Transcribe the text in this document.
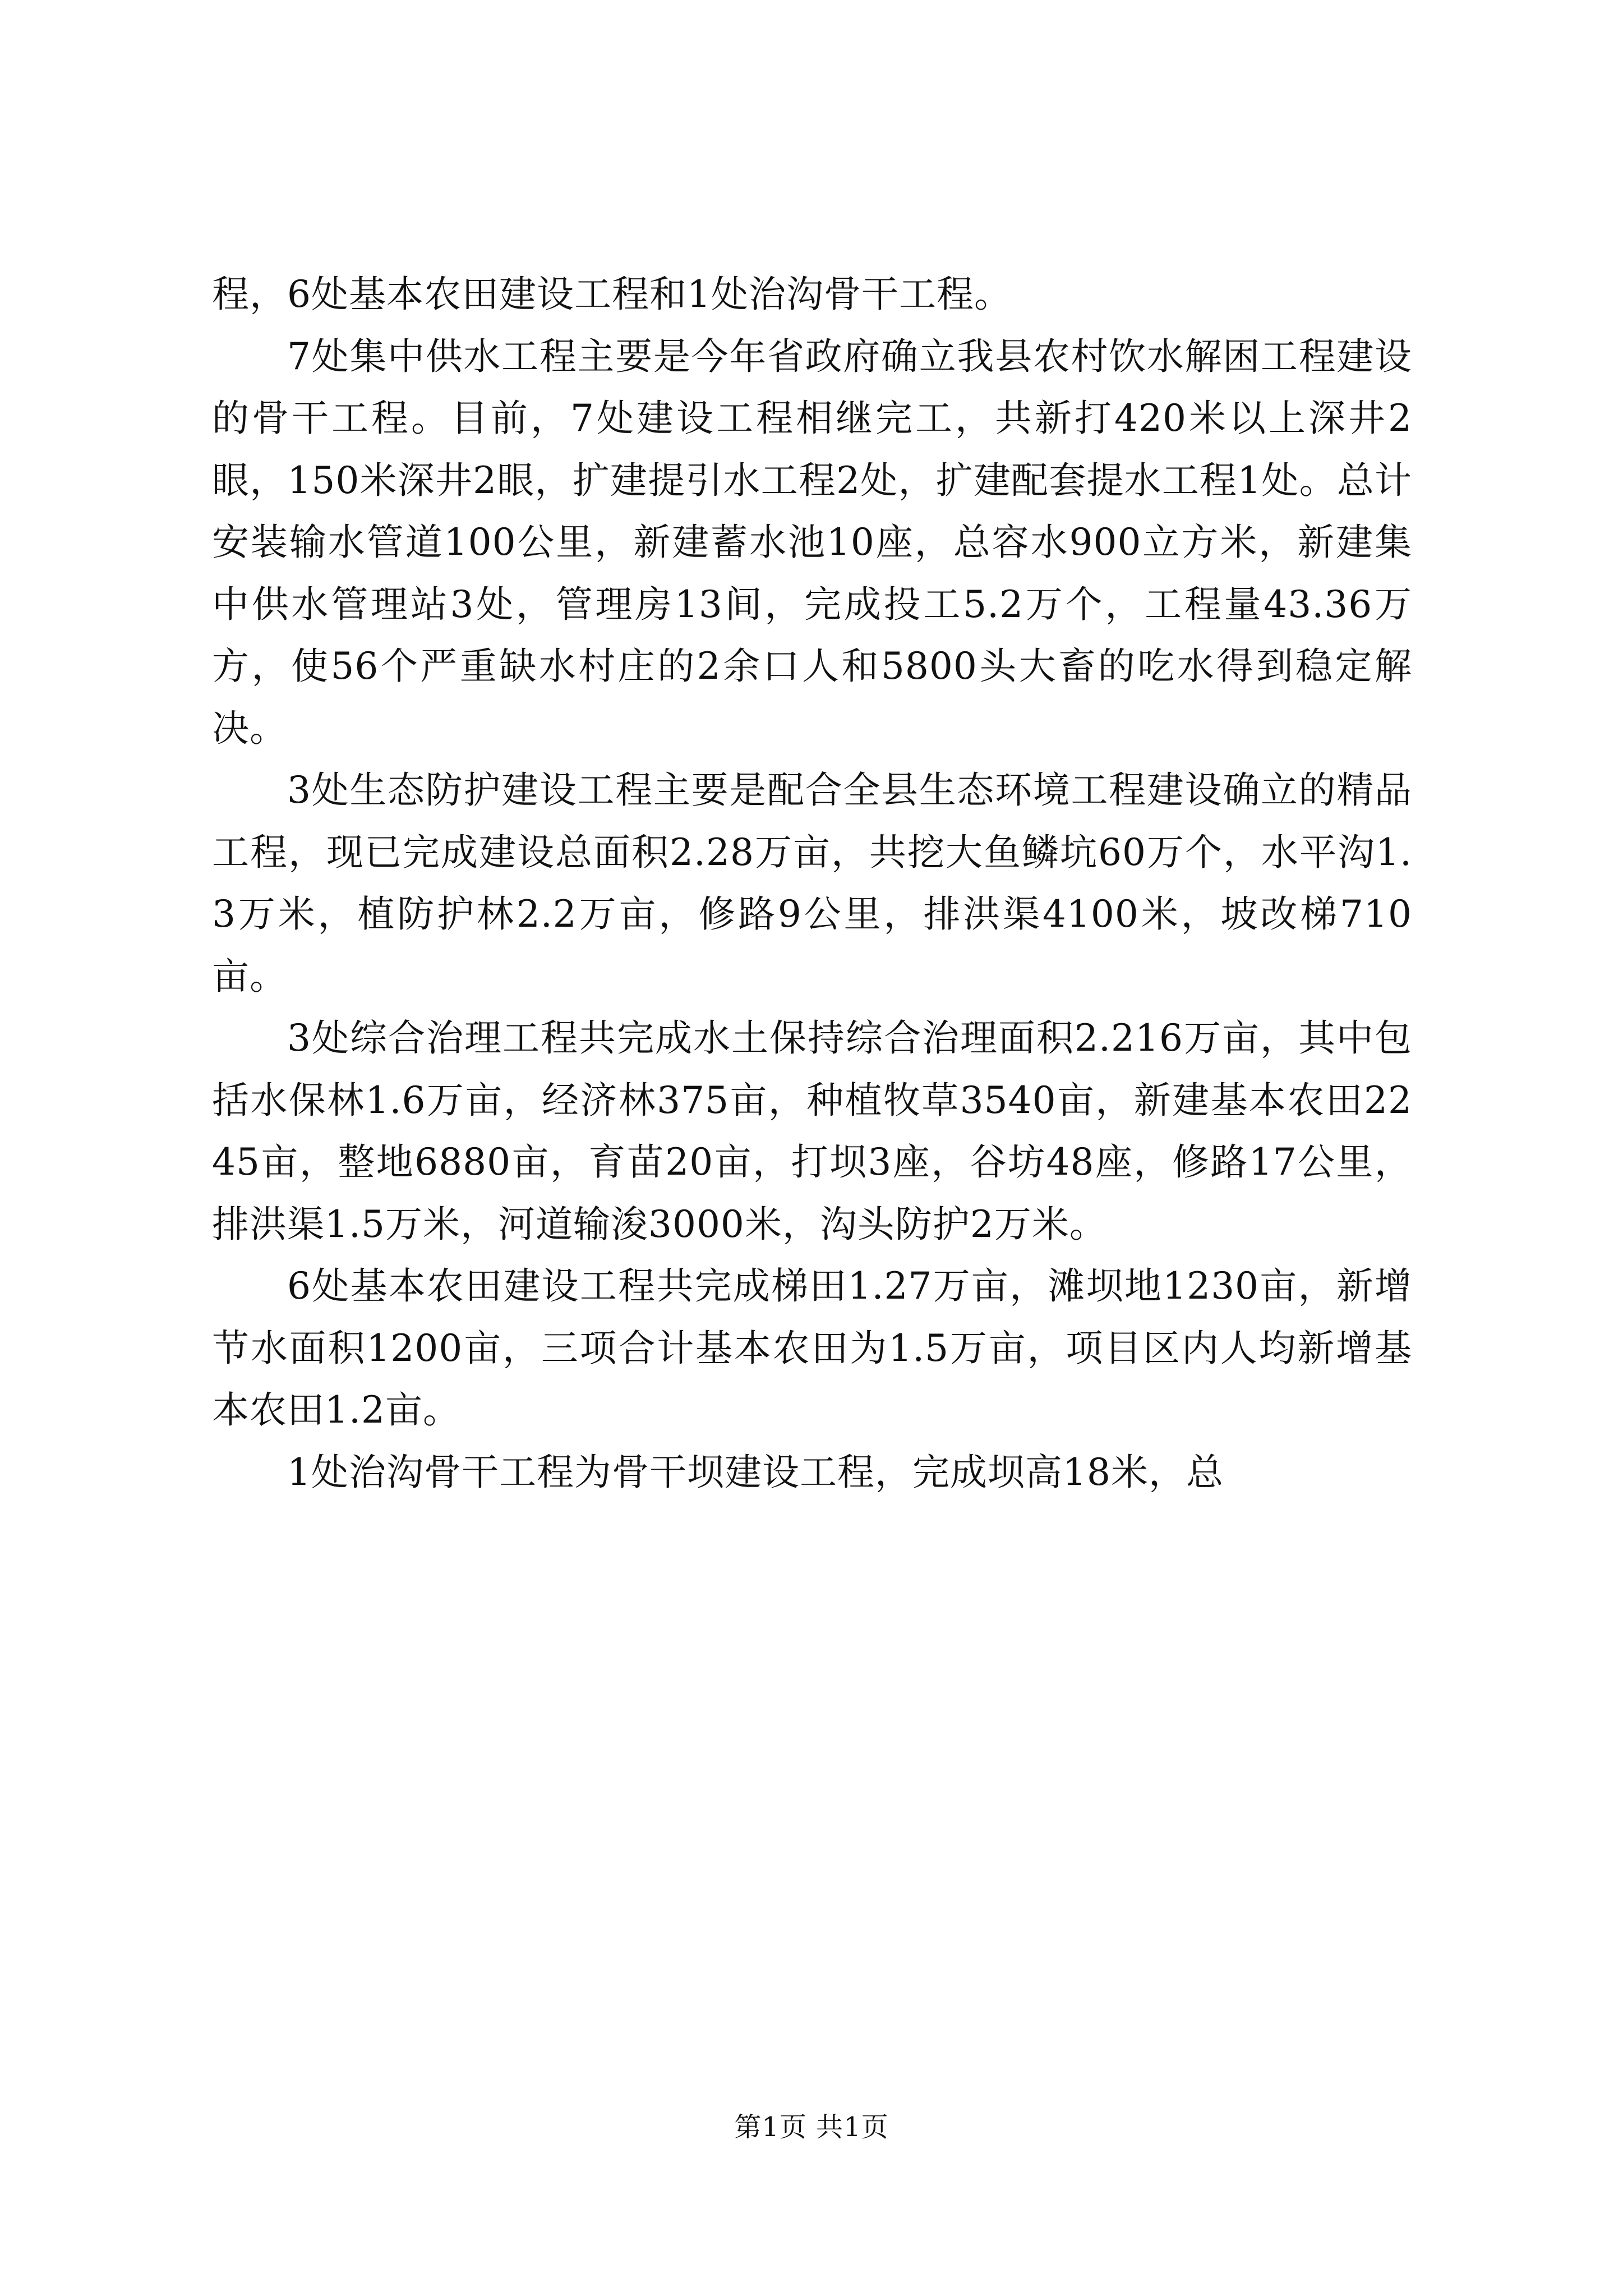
程，6处基本农田建设工程和1处治沟骨干工程。

7处集中供水工程主要是今年省政府确立我县农村饮水解困工程建设的骨干工程。目前，7处建设工程相继完工，共新打420米以上深井2眼，150米深井2眼，扩建提引水工程2处，扩建配套提水工程1处。总计安装输水管道100公里，新建蓄水池10座，总容水900立方米，新建集中供水管理站3处，管理房13间，完成投工5.2万个，工程量43.36万方，使56个严重缺水村庄的2余口人和5800头大畜的吃水得到稳定解决。

3处生态防护建设工程主要是配合全县生态环境工程建设确立的精品工程，现已完成建设总面积2.28万亩，共挖大鱼鳞坑60万个，水平沟1.3万米，植防护林2.2万亩，修路9公里，排洪渠4100米，坡改梯710亩。

3处综合治理工程共完成水土保持综合治理面积2.216万亩，其中包括水保林1.6万亩，经济林375亩，种植牧草3540亩，新建基本农田2245亩，整地6880亩，育苗20亩，打坝3座，谷坊48座，修路17公里，排洪渠1.5万米，河道输浚3000米，沟头防护2万米。

6处基本农田建设工程共完成梯田1.27万亩，滩坝地1230亩，新增节水面积1200亩，三项合计基本农田为1.5万亩，项目区内人均新增基本农田1.2亩。

1处治沟骨干工程为骨干坝建设工程，完成坝高18米，总

第1页 共1页
